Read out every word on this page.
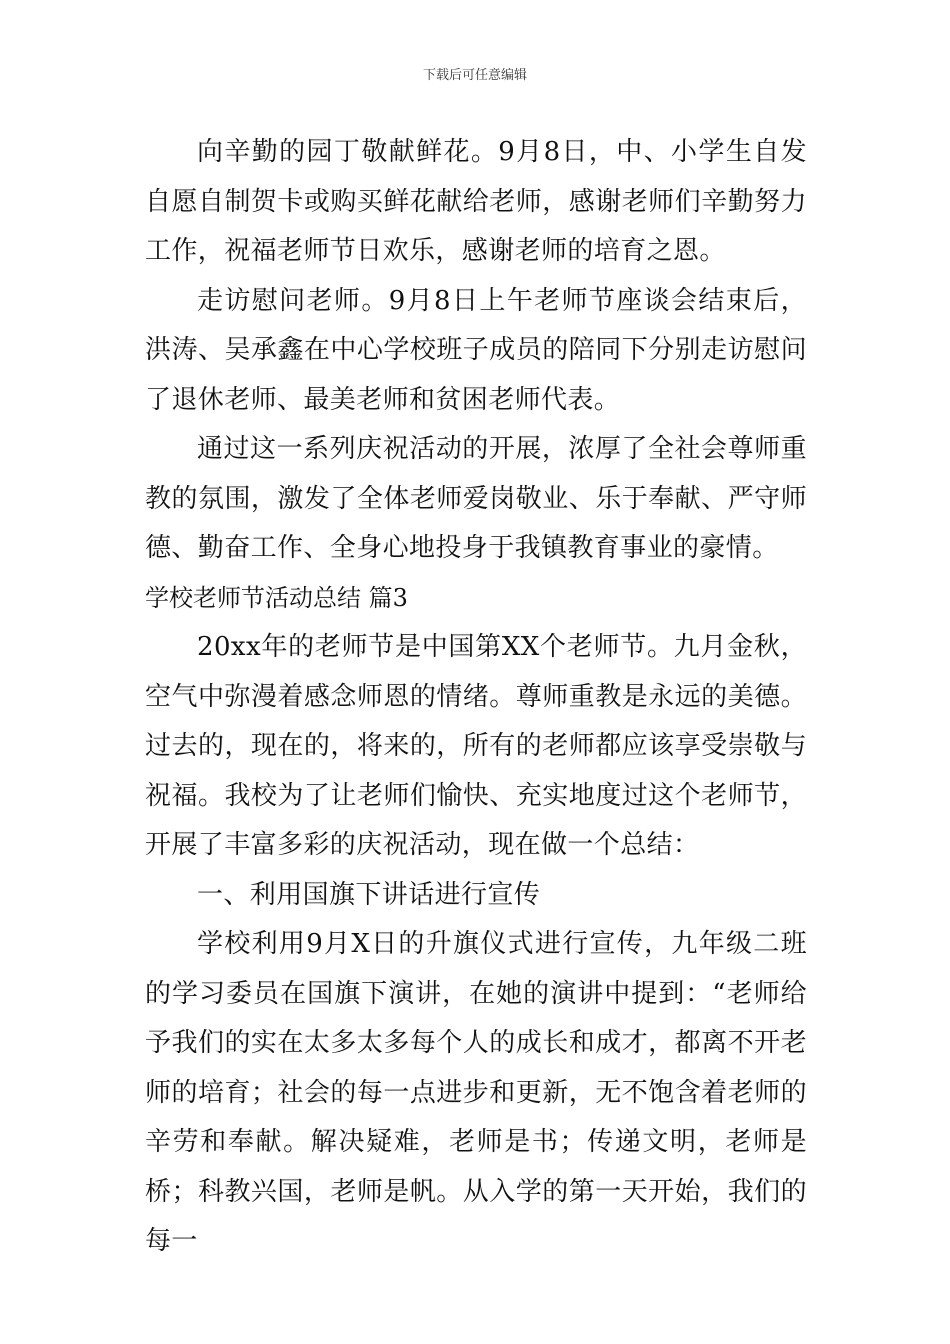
下载后可任意编辑

向辛勤的园丁敬献鲜花。9月8日，中、小学生自发自愿自制贺卡或购买鲜花献给老师，感谢老师们辛勤努力工作，祝福老师节日欢乐，感谢老师的培育之恩。

走访慰问老师。9月8日上午老师节座谈会结束后，洪涛、吴承鑫在中心学校班子成员的陪同下分别走访慰问了退休老师、最美老师和贫困老师代表。

通过这一系列庆祝活动的开展，浓厚了全社会尊师重教的氛围，激发了全体老师爱岗敬业、乐于奉献、严守师德、勤奋工作、全身心地投身于我镇教育事业的豪情。

学校老师节活动总结 篇3

20xx年的老师节是中国第XX个老师节。九月金秋，空气中弥漫着感念师恩的情绪。尊师重教是永远的美德。过去的，现在的，将来的，所有的老师都应该享受崇敬与祝福。我校为了让老师们愉快、充实地度过这个老师节，开展了丰富多彩的庆祝活动，现在做一个总结：

一、利用国旗下讲话进行宣传

学校利用9月X日的升旗仪式进行宣传，九年级二班的学习委员在国旗下演讲，在她的演讲中提到：“老师给予我们的实在太多太多每个人的成长和成才，都离不开老师的培育；社会的每一点进步和更新，无不饱含着老师的辛劳和奉献。解决疑难，老师是书；传递文明，老师是桥；科教兴国，老师是帆。从入学的第一天开始，我们的每一
